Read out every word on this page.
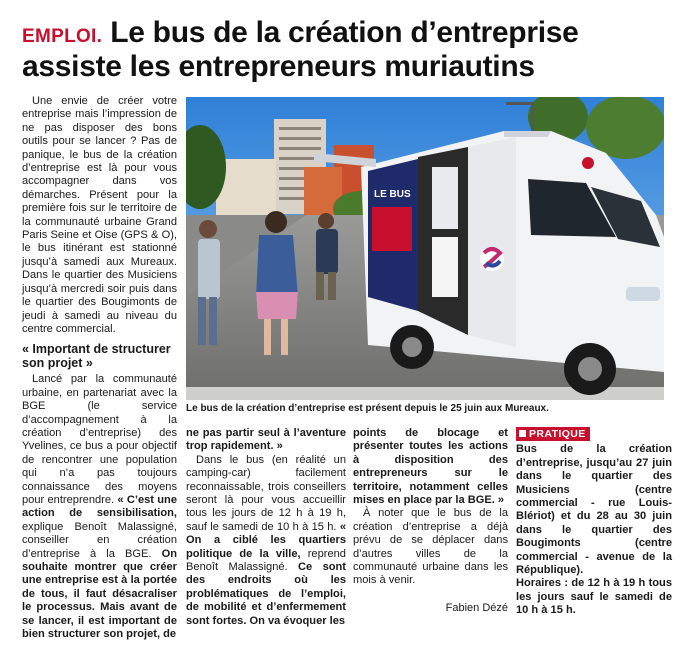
EMPLOI. Le bus de la création d’entreprise
assiste les entrepreneurs muriautins

Une envie de créer votre entreprise mais l’impression de ne pas disposer des bons outils pour se lancer ? Pas de panique, le bus de la création d’entreprise est là pour vous accompagner dans vos démarches. Présent pour la première fois sur le territoire de la communauté urbaine Grand Paris Seine et Oise (GPS & O), le bus itinérant est stationné jusqu’à samedi aux Mureaux. Dans le quartier des Musiciens jusqu’à mercredi soir puis dans le quartier des Bougimonts de jeudi à samedi au niveau du centre commercial.

« Important de structurer son projet »

Lancé par la communauté urbaine, en partenariat avec la BGE (le service d’accompagnement à la création d’entreprise) des Yvelines, ce bus a pour objectif de rencontrer une population qui n’a pas toujours connaissance des moyens pour entreprendre. « C’est une action de sensibilisation, explique Benoît Malassigné, conseiller en création d’entreprise à la BGE. On souhaite montrer que créer une entreprise est à la portée de tous, il faut désacraliser le processus. Mais avant de se lancer, il est important de bien structurer son projet, de

LE BUS
Le bus de la création d’entreprise est présent depuis le 25 juin aux Mureaux.

ne pas partir seul à l’aventure trop rapidement. »

Dans le bus (en réalité un camping-car) facilement reconnaissable, trois conseillers seront là pour vous accueillir tous les jours de 12 h à 19 h, sauf le samedi de 10 h à 15 h. « On a ciblé les quartiers politique de la ville, reprend Benoît Malassigné. Ce sont des endroits où les problématiques de l’emploi, de mobilité et d’enfermement sont fortes. On va évoquer les

points de blocage et présenter toutes les actions à disposition des entrepreneurs sur le territoire, notamment celles mises en place par la BGE. »

À noter que le bus de la création d’entreprise a déjà prévu de se déplacer dans d’autres villes de la communauté urbaine dans les mois à venir.

Fabien Dézé
PRATIQUE

Bus de la création d’entreprise, jusqu’au 27 juin dans le quartier des Musiciens (centre commercial - rue Louis-Blériot) et du 28 au 30 juin dans le quartier des Bougimonts (centre commercial - avenue de la République).

Horaires : de 12 h à 19 h tous les jours sauf le samedi de 10 h à 15 h.
